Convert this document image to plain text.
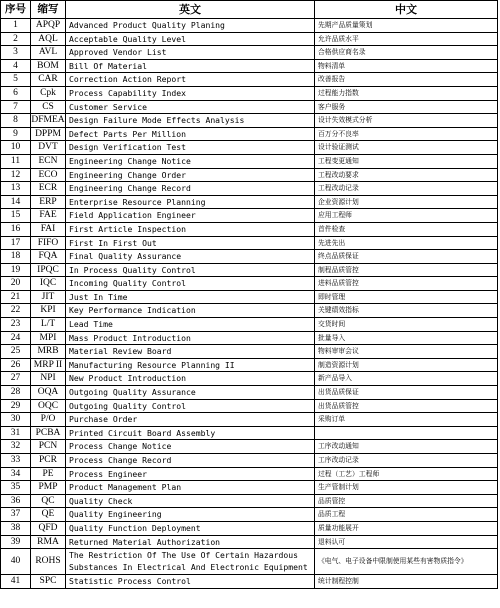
序号	缩写	英文	中文
1	APQP	Advanced Product Quality Planing	先期产品质量策划
2	AQL	Acceptable Quality Level	允许品质水平
3	AVL	Approved Vendor List	合格供应商名录
4	BOM	Bill Of Material	物料清单
5	CAR	Correction Action Report	改善报告
6	Cpk	Process Capability Index	过程能力指数
7	CS	Customer Service	客户服务
8	DFMEA	Design Failure Mode Effects Analysis	设计失效模式分析
9	DPPM	Defect Parts Per Million	百万分不良率
10	DVT	Design Verification Test	设计验证测试
11	ECN	Engineering Change Notice	工程变更通知
12	ECO	Engineering Change Order	工程改动要求
13	ECR	Engineering Change Record	工程改动记录
14	ERP	Enterprise Resource Planning	企业资源计划
15	FAE	Field Application Engineer	应用工程师
16	FAI	First Article Inspection	首件检查
17	FIFO	First In First Out	先进先出
18	FQA	Final Quality Assurance	终点品质保证
19	IPQC	In Process Quality Control	制程品质管控
20	IQC	Incoming Quality Control	进料品质管控
21	JIT	Just In Time	即时管理
22	KPI	Key Performance Indication	关键绩效指标
23	L/T	Lead Time	交货时间
24	MPI	Mass Product Introduction	批量导入
25	MRB	Material Review Board	物料审审会议
26	MRP II	Manufacturing Resource Planning II	制造资源计划
27	NPI	New Product Introduction	新产品导入
28	OQA	Outgoing Quality Assurance	出货品质保证
29	OQC	Outgoing Quality Control	出货品质管控
30	P/O	Purchase Order	采购订单
31	PCBA	Printed Circuit Board Assembly	
32	PCN	Process Change Notice	工序改动通知
33	PCR	Process Change Record	工序改动记录
34	PE	Process Engineer	过程（工艺）工程师
35	PMP	Product Management Plan	生产管制计划
36	QC	Quality Check	品质管控
37	QE	Quality Engineering	品质工程
38	QFD	Quality Function Deployment	质量功能展开
39	RMA	Returned Material Authorization	退料认可
40	ROHS	The Restriction Of The Use Of Certain Hazardous Substances In Electrical And Electronic Equipment	《电气、电子设备中限制使用某些有害物质指令》
41	SPC	Statistic Process Control	统计制程控制
